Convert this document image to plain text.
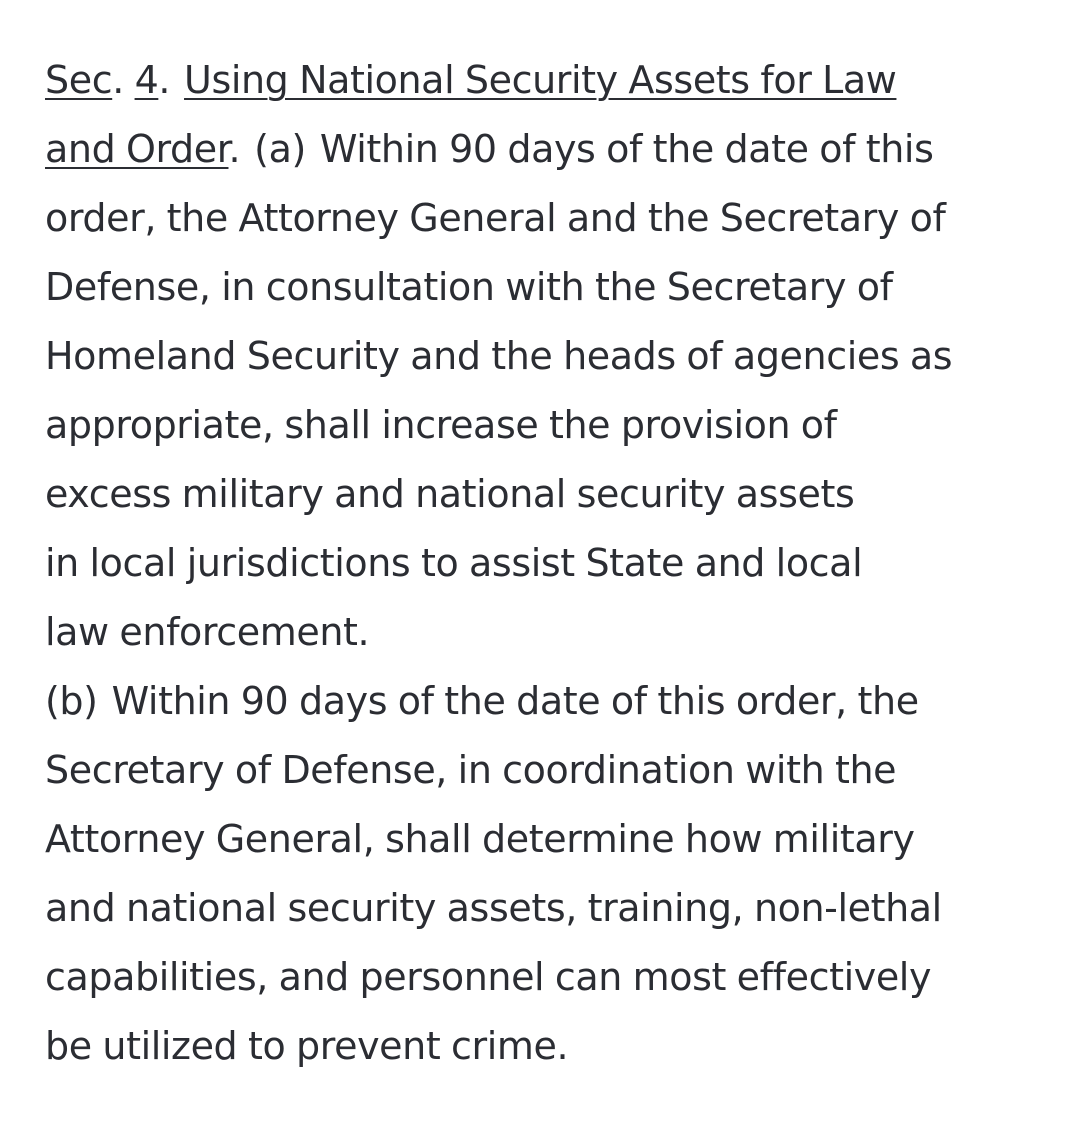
Sec. 4. Using National Security Assets for Law
and Order. (a) Within 90 days of the date of this
order, the Attorney General and the Secretary of
Defense, in consultation with the Secretary of
Homeland Security and the heads of agencies as
appropriate, shall increase the provision of
excess military and national security assets
in local jurisdictions to assist State and local
law enforcement.
(b) Within 90 days of the date of this order, the
Secretary of Defense, in coordination with the
Attorney General, shall determine how military
and national security assets, training, non-lethal
capabilities, and personnel can most effectively
be utilized to prevent crime.
